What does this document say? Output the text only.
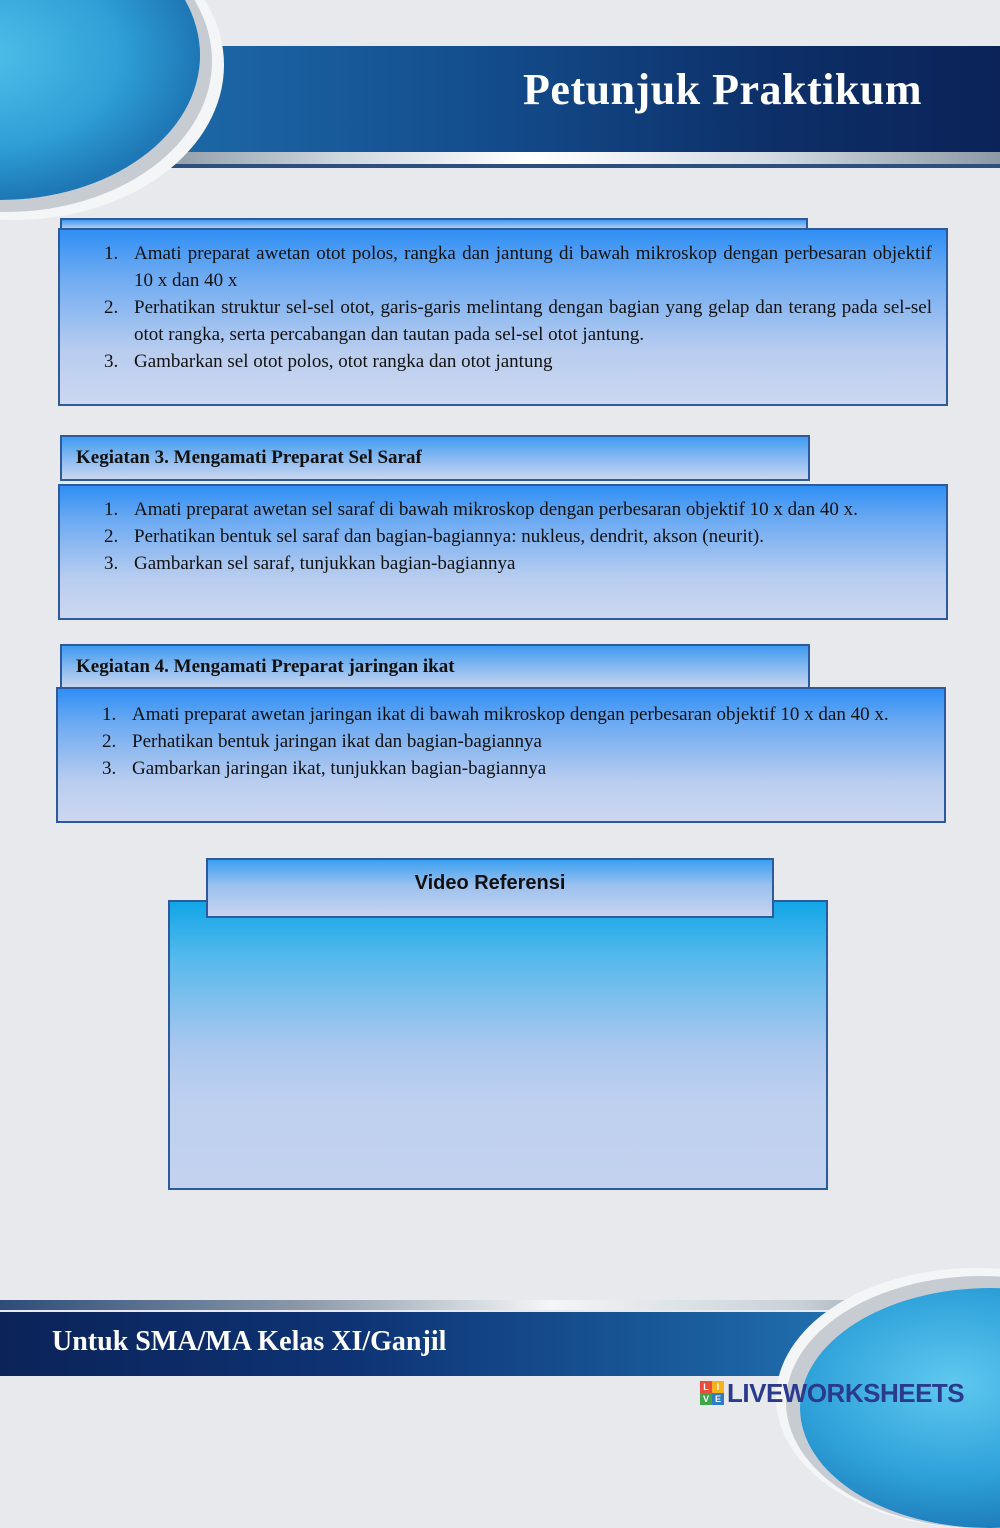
Petunjuk Praktikum
1. Amati preparat awetan otot polos, rangka dan jantung di bawah mikroskop dengan perbesaran objektif 10 x dan 40 x
2. Perhatikan struktur sel-sel otot, garis-garis melintang dengan bagian yang gelap dan terang pada sel-sel otot rangka, serta percabangan dan tautan pada sel-sel otot jantung.
3. Gambarkan sel otot polos, otot rangka dan otot jantung
Kegiatan 3. Mengamati Preparat Sel Saraf
1. Amati preparat awetan sel saraf di bawah mikroskop dengan perbesaran objektif 10 x dan 40 x.
2. Perhatikan bentuk sel saraf dan bagian-bagiannya: nukleus, dendrit, akson (neurit).
3. Gambarkan sel saraf, tunjukkan bagian-bagiannya
Kegiatan 4. Mengamati Preparat jaringan ikat
1. Amati preparat awetan jaringan ikat di bawah mikroskop dengan perbesaran objektif 10 x dan 40 x.
2. Perhatikan bentuk jaringan ikat dan bagian-bagiannya
3. Gambarkan jaringan ikat, tunjukkan bagian-bagiannya
Video Referensi
Untuk SMA/MA Kelas XI/Ganjil
L I
V E LIVEWORKSHEETS
